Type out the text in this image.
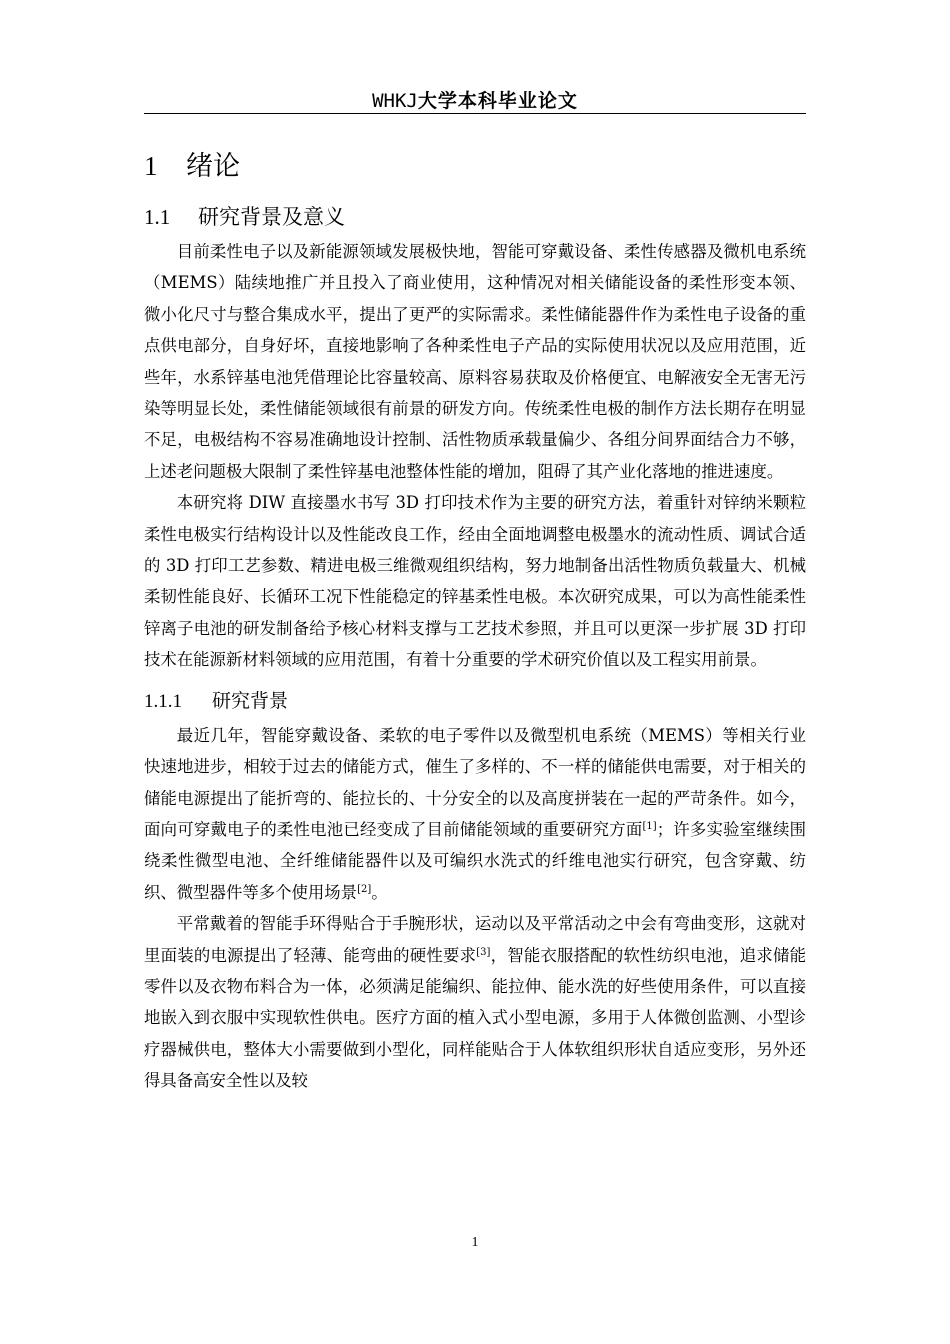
WHKJ大学本科毕业论文
1 绪论
1.1 研究背景及意义

目前柔性电子以及新能源领域发展极快地，智能可穿戴设备、柔性传感器及微机电系统（MEMS）陆续地推广并且投入了商业使用，这种情况对相关储能设备的柔性形变本领、微小化尺寸与整合集成水平，提出了更严的实际需求。柔性储能器件作为柔性电子设备的重点供电部分，自身好坏，直接地影响了各种柔性电子产品的实际使用状况以及应用范围，近些年，水系锌基电池凭借理论比容量较高、原料容易获取及价格便宜、电解液安全无害无污染等明显长处，柔性储能领域很有前景的研发方向。传统柔性电极的制作方法长期存在明显不足，电极结构不容易准确地设计控制、活性物质承载量偏少、各组分间界面结合力不够，上述老问题极大限制了柔性锌基电池整体性能的增加，阻碍了其产业化落地的推进速度。

本研究将 DIW 直接墨水书写 3D 打印技术作为主要的研究方法，着重针对锌纳米颗粒柔性电极实行结构设计以及性能改良工作，经由全面地调整电极墨水的流动性质、调试合适的 3D 打印工艺参数、精进电极三维微观组织结构，努力地制备出活性物质负载量大、机械柔韧性能良好、长循环工况下性能稳定的锌基柔性电极。本次研究成果，可以为高性能柔性锌离子电池的研发制备给予核心材料支撑与工艺技术参照，并且可以更深一步扩展 3D 打印技术在能源新材料领域的应用范围，有着十分重要的学术研究价值以及工程实用前景。

1.1.1 研究背景

最近几年，智能穿戴设备、柔软的电子零件以及微型机电系统（MEMS）等相关行业快速地进步，相较于过去的储能方式，催生了多样的、不一样的储能供电需要，对于相关的储能电源提出了能折弯的、能拉长的、十分安全的以及高度拼装在一起的严苛条件。如今，面向可穿戴电子的柔性电池已经变成了目前储能领域的重要研究方面[1]；许多实验室继续围绕柔性微型电池、全纤维储能器件以及可编织水洗式的纤维电池实行研究，包含穿戴、纺织、微型器件等多个使用场景[2]。

平常戴着的智能手环得贴合于手腕形状，运动以及平常活动之中会有弯曲变形，这就对里面装的电源提出了轻薄、能弯曲的硬性要求[3]，智能衣服搭配的软性纺织电池，追求储能零件以及衣物布料合为一体，必须满足能编织、能拉伸、能水洗的好些使用条件，可以直接地嵌入到衣服中实现软性供电。医疗方面的植入式小型电源，多用于人体微创监测、小型诊疗器械供电，整体大小需要做到小型化，同样能贴合于人体软组织形状自适应变形，另外还得具备高安全性以及较

1
